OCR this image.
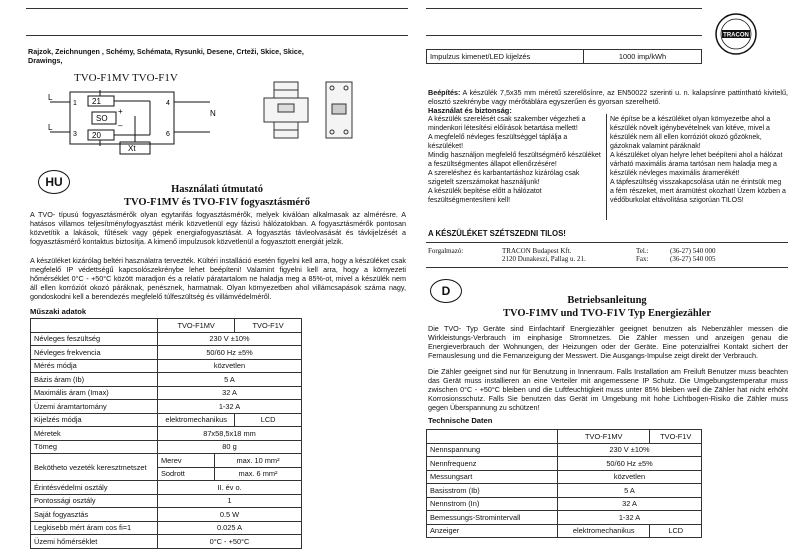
Rajzok, Zeichnungen , Schémy, Schémata, Rysunki, Desene, Crteži, Skice, Skice, Drawings,
TVO-F1MV TVO-F1V
L
L
1
3
4
6
21
20
SO
Xt
+
–
N
HU
Használati útmutató
TVO-F1MV és TVO-F1V fogyasztásmérő
A TVO- típusú fogyasztásmérők olyan egytarifás fogyasztásmérők, melyek kiválóan alkalmasak az almérésre. A hatásos villamos teljesítményfogyasztást mérik közvetlenül egy fázisú hálózatokban. A fogyasztásmérők pontosan közvetítik a lakások, fűtések vagy gépek energiafogyasztását. A fogyasztás távleolvasását és távkijelzését a fogyasztásmérő kontaktus biztosítja. A kimenő impulzusok közvetlenül a fogyasztott energiát jelzik.
A készüléket kizárólag beltéri használatra tervezték. Kültéri installáció esetén figyelni kell arra, hogy a készüléket csak megfelelő IP védettségű kapcsolószekrénybe lehet beépíteni! Valamint figyelni kell arra, hogy a környezeti hőmérséklet 0°C - +50°C között maradjon és a relatív páratartalom ne haladja meg a 85%-ot, mivel a készülék nem áll ellen korróziót okozó páráknak, penésznek, harmatnak. Olyan környezetben ahol villámcsapások száma nagy, gondoskodni kell a berendezés megfelelő túlfeszültség és villámvédelméről.
Műszaki adatok
	TVO-F1MV		TVO-F1V
Névleges feszültség	230 V ±10%		
Névleges frekvencia	50/60 Hz ±5%		
Mérés módja	közvetlen		
Bázis áram (Ib)	5 A		
Maximális áram (Imax)	32 A		
Üzemi áramtartomány	1-32 A		
Kijelzés módja	elektromechanikus		LCD
Méretek	87x58,5x18 mm		
Tömeg	80 g		
Bekötheto vezeték keresztmetszet	Merev	max. 10 mm²	
	Sodrott	max. 6 mm²	
Érintésvédelmi osztály	II. év o.		
Pontossági osztály	1		
Saját fogyasztás	0.5 W		
Legkisebb mért áram cos fi=1	0.025 A		
Üzemi hőmérséklet	0°C - +50°C		
TRACON
Impulzus kimenet/LED kijelzés	1000 imp/kWh
Beépítés: A készülék 7,5x35 mm méretű szerelősínre, az EN50022 szerinti u. n. kalapsínre pattintható kivitelű, elosztó szekrénybe vagy mérőtáblára egyszerűen és gyorsan szerelhető.
Használat és biztonság:
A készülék szerelését csak szakember végezheti a mindenkori létesítési előírások betartása mellett!
A megfelelő névleges feszültséggel táplálja a készüléket!
Mindig használjon megfelelő feszültségmérő készüléket a feszültségmentes állapot ellenőrzésére!
A szereléshez és karbantartáshoz kizárólag csak szigetelt szerszámokat használjunk!
A készülék bepítése előtt a hálózatot feszültségmentesíteni kell!
Ne építse be a készüléket olyan környezetbe ahol a készülék növelt igénybevételnek van kitéve, mivel a készülék nem áll ellen korróziót okozó gőzöknek, gázoknak valamint páráknak!
A készüléket olyan helyre lehet beépíteni ahol a hálózat várható maximális árama tartósan nem haladja meg a készülék névleges maximális áramerékét!
A tápfeszültség visszakapcsolása után ne érintsük meg a fém részeket, mert áramütést okozhat! Üzem közben a védőburkolat eltávolítása szigorúan TILOS!
A KÉSZÜLÉKET SZÉTSZEDNI TILOS!
Forgalmazó:	TRACON Budapest Kft.
2120 Dunakeszi, Pallag u. 21.
Tel.:	(36-27) 540 000
Fax:	(36-27) 540 005
D
Betriebsanleitung
TVO-F1MV und TVO-F1V Typ Energiezähler
Die TVO- Typ Geräte sind Einfachtarif Energiezähler geeignet benutzen als Nebenzähler messen die Wirkleistungs-Verbrauch im einphasige Stromnetzes. Die Zähler messen und anzeigen genau die Energieverbrauch der Wohnungen, der Heizungen oder der Geräte. Eine potenzialfrei Kontakt sichert der Fernauslesung und die Fernanzeigung der Messwert. Die Ausgangs-Impulse zeigt direkt der Verbrauch.
Die Zähler geeignet sind nur für Benutzung in Innenraum. Falls Installation am Freiluft Benutzer muss beachten das Gerät muss installieren an eine Verteiler mit angemessene IP Schutz. Die Umgebungstemperatur muss zwischen 0°C - +50°C bleiben und die Luftfeuchtigkeit muss unter 85% bleiben weil die Zähler hat nicht erhöht Korrosionsschutz. Falls Sie benutzen das Gerät im Umgebung mit hohe Lichtbogen-Risiko die Zähler muss gegen Überspannung zu schützen!
Technische Daten
	TVO-F1MV	TVO-F1V
Nennspannung	230 V ±10%	
Nennfrequenz	50/60 Hz ±5%	
Messungsart	közvetlen	
Basisstrom (Ib)	5 A	
Nennstrom (In)	32 A	
Bemessungs-Stromintervall	1-32 A	
Anzeiger	elektromechanikus	LCD
